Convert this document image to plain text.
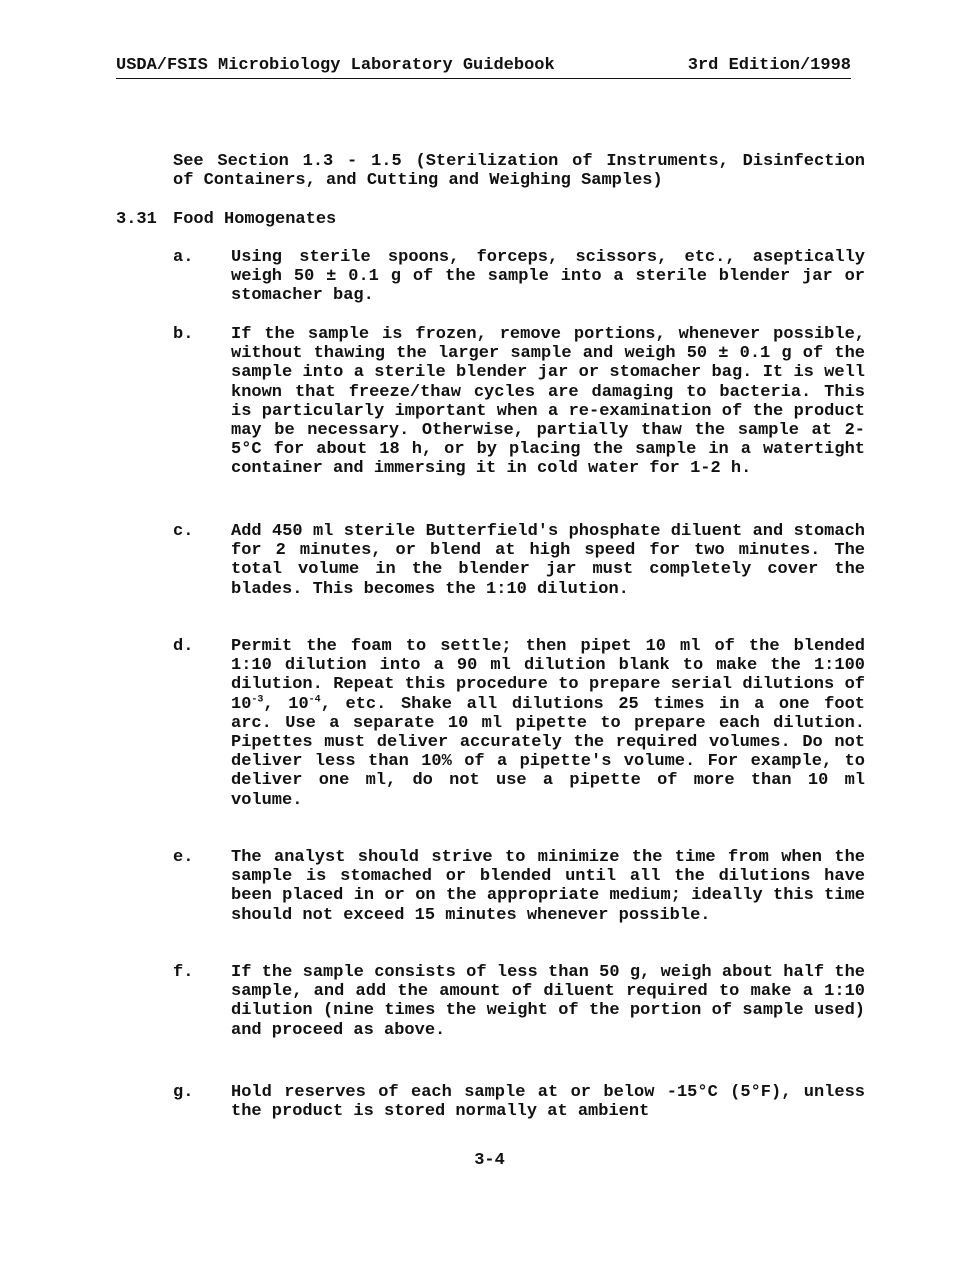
USDA/FSIS Microbiology Laboratory Guidebook	3rd Edition/1998
See Section 1.3 - 1.5 (Sterilization of Instruments, Disinfection of Containers, and Cutting and Weighing Samples)
3.31 Food Homogenates
a. Using sterile spoons, forceps, scissors, etc., aseptically weigh 50 ± 0.1 g of the sample into a sterile blender jar or stomacher bag.
b. If the sample is frozen, remove portions, whenever possible, without thawing the larger sample and weigh 50 ± 0.1 g of the sample into a sterile blender jar or stomacher bag. It is well known that freeze/thaw cycles are damaging to bacteria. This is particularly important when a re-examination of the product may be necessary. Otherwise, partially thaw the sample at 2-5°C for about 18 h, or by placing the sample in a watertight container and immersing it in cold water for 1-2 h.
c. Add 450 ml sterile Butterfield's phosphate diluent and stomach for 2 minutes, or blend at high speed for two minutes. The total volume in the blender jar must completely cover the blades. This becomes the 1:10 dilution.
d. Permit the foam to settle; then pipet 10 ml of the blended 1:10 dilution into a 90 ml dilution blank to make the 1:100 dilution. Repeat this procedure to prepare serial dilutions of $10^{-3}$, $10^{-4}$, etc. Shake all dilutions 25 times in a one foot arc. Use a separate 10 ml pipette to prepare each dilution. Pipettes must deliver accurately the required volumes. Do not deliver less than 10% of a pipette's volume. For example, to deliver one ml, do not use a pipette of more than 10 ml volume.
e. The analyst should strive to minimize the time from when the sample is stomached or blended until all the dilutions have been placed in or on the appropriate medium; ideally this time should not exceed 15 minutes whenever possible.
f. If the sample consists of less than 50 g, weigh about half the sample, and add the amount of diluent required to make a 1:10 dilution (nine times the weight of the portion of sample used) and proceed as above.
g. Hold reserves of each sample at or below -15°C (5°F), unless the product is stored normally at ambient
3-4
